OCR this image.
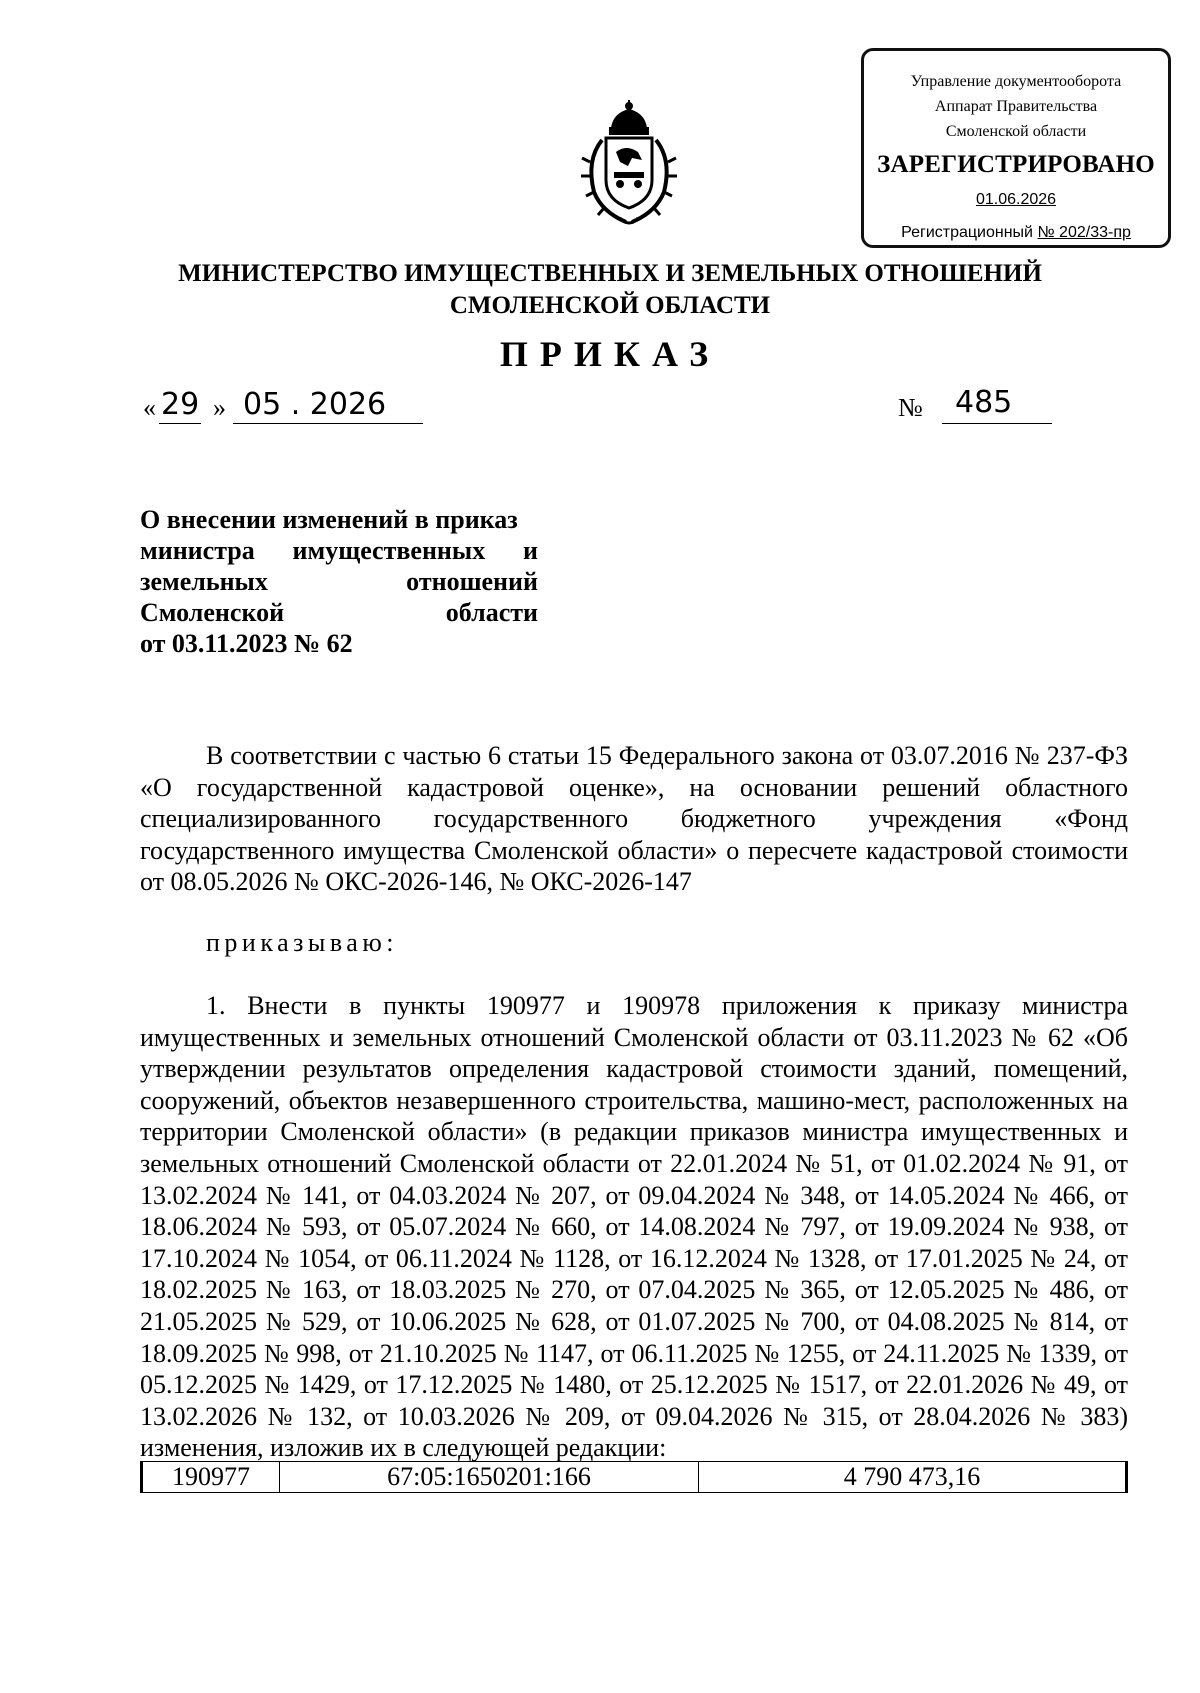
Управление документооборота
Аппарат Правительства
Смоленской области
ЗАРЕГИСТРИРОВАНО
01.06.2026
Регистрационный № 202/33-пр
МИНИСТЕРСТВО ИМУЩЕСТВЕННЫХ И ЗЕМЕЛЬНЫХ ОТНОШЕНИЙ
СМОЛЕНСКОЙ ОБЛАСТИ
ПРИКАЗ
« 29 » 05 . 2026	№ 485
О внесении изменений в приказ
министра имущественных и
земельных	отношений
Смоленской	области
от 03.11.2023 № 62
В соответствии с частью 6 статьи 15 Федерального закона от 03.07.2016 № 237-ФЗ «О государственной кадастровой оценке», на основании решений областного специализированного государственного бюджетного учреждения «Фонд государственного имущества Смоленской области» о пересчете кадастровой стоимости от 08.05.2026 № ОКС-2026-146, № ОКС-2026-147
приказываю:
1. Внести в пункты 190977 и 190978 приложения к приказу министра имущественных и земельных отношений Смоленской области от 03.11.2023 № 62 «Об утверждении результатов определения кадастровой стоимости зданий, помещений, сооружений, объектов незавершенного строительства, машино-мест, расположенных на территории Смоленской области» (в редакции приказов министра имущественных и земельных отношений Смоленской области от 22.01.2024 № 51, от 01.02.2024 № 91, от 13.02.2024 № 141, от 04.03.2024 № 207, от 09.04.2024 № 348, от 14.05.2024 № 466, от 18.06.2024 № 593, от 05.07.2024 № 660, от 14.08.2024 № 797, от 19.09.2024 № 938, от 17.10.2024 № 1054, от 06.11.2024 № 1128, от 16.12.2024 № 1328, от 17.01.2025 № 24, от 18.02.2025 № 163, от 18.03.2025 № 270, от 07.04.2025 № 365, от 12.05.2025 № 486, от 21.05.2025 № 529, от 10.06.2025 № 628, от 01.07.2025 № 700, от 04.08.2025 № 814, от 18.09.2025 № 998, от 21.10.2025 № 1147, от 06.11.2025 № 1255, от 24.11.2025 № 1339, от 05.12.2025 № 1429, от 17.12.2025 № 1480, от 25.12.2025 № 1517, от 22.01.2026 № 49, от 13.02.2026 № 132, от 10.03.2026 № 209, от 09.04.2026 № 315, от 28.04.2026 № 383) изменения, изложив их в следующей редакции:
190977	67:05:1650201:166	4 790 473,16
